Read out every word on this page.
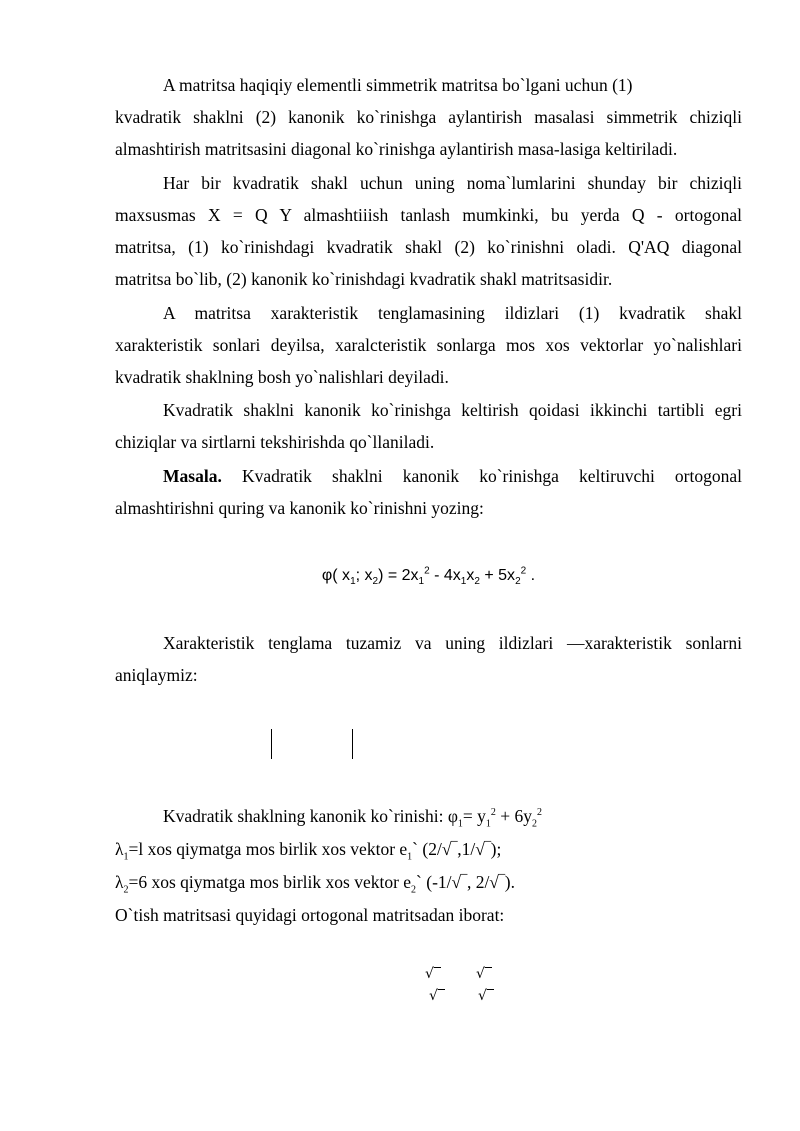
A matritsa haqiqiy elementli simmetrik matritsa bo`lgani uchun (1)
kvadratik shaklni (2) kanonik ko`rinishga aylantirish masalasi simmetrik chiziqli
almashtirish matritsasini diagonal ko`rinishga aylantirish masa-lasiga keltiriladi.
Har bir kvadratik shakl uchun uning noma`lumlarini shunday bir chiziqli
maxsusmas X = Q Y almashtiiish tanlash mumkinki, bu yerda Q - ortogonal
matritsa, (1) ko`rinishdagi kvadratik shakl (2) ko`rinishni oladi. Q'AQ diagonal
matritsa bo`lib, (2) kanonik ko`rinishdagi kvadratik shakl matritsasidir.
A matritsa xarakteristik tenglamasining ildizlari (1) kvadratik shakl
xarakteristik sonlari deyilsa, xaralcteristik sonlarga mos xos vektorlar yo`nalishlari
kvadratik shaklning bosh yo`nalishlari deyiladi.
Kvadratik shaklni kanonik ko`rinishga keltirish qoidasi ikkinchi tartibli egri
chiziqlar va sirtlarni tekshirishda qo`llaniladi.
Masala. Kvadratik shaklni kanonik ko`rinishga keltiruvchi ortogonal
almashtirishni quring va kanonik ko`rinishni yozing:
φ( $x_1$; $x_2) = 2x_1^2 - 4x_1x_2 + 5x_2^2$ .
Xarakteristik tenglama tuzamiz va uning ildizlari —xarakteristik sonlarni
aniqlaymiz:
Kvadratik shaklning kanonik ko`rinishi: $\varphi_1= y_1^2 + 6y_2^2$
$\lambda_1=l$ xos qiymatga mos birlik xos vektor $e_1`$ (2/√‾,1/√‾);
$\lambda_2=6$ xos qiymatga mos birlik xos vektor $e_2`$ (-1/√‾, 2/√‾).
O`tish matritsasi quyidagi ortogonal matritsadan iborat:
√‾	√‾
√‾ √‾
